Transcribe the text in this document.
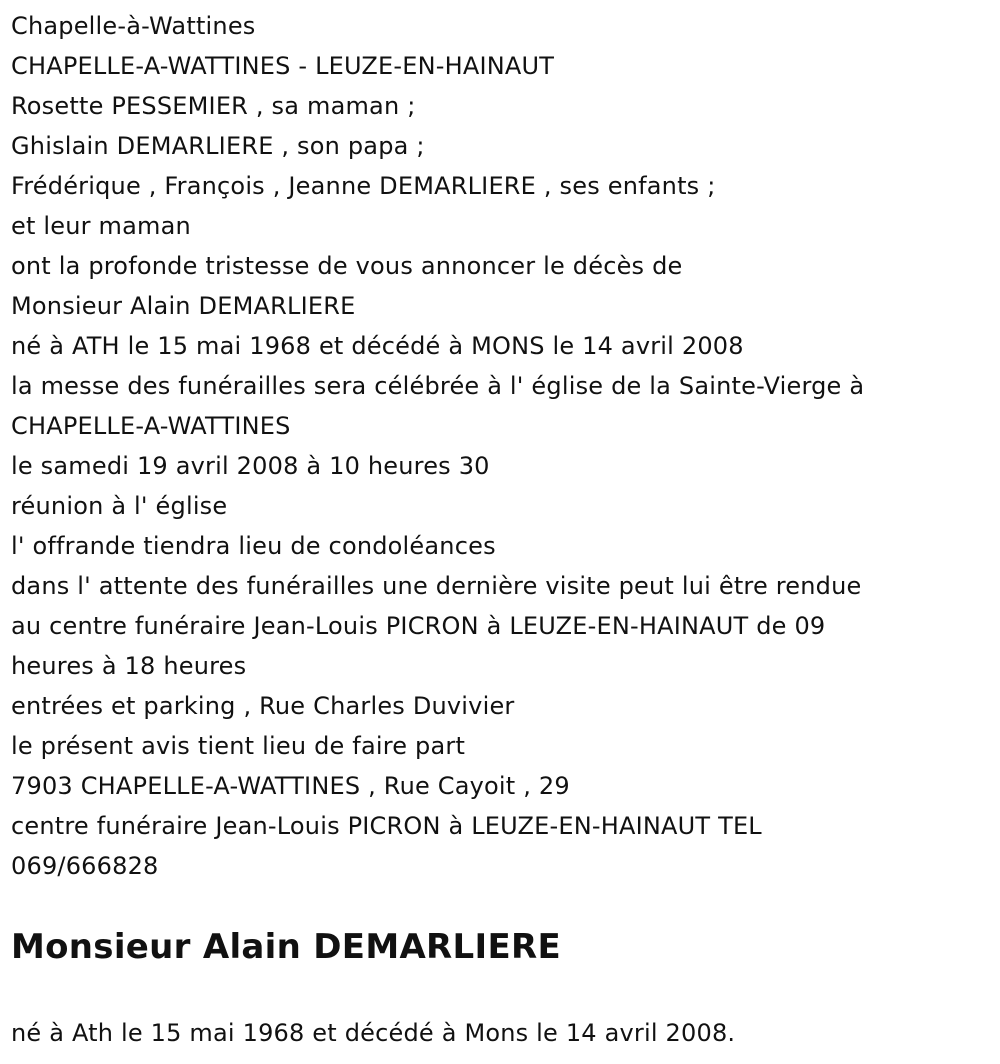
Chapelle-à-Wattines
CHAPELLE-A-WATTINES - LEUZE-EN-HAINAUT
Rosette PESSEMIER , sa maman ;
Ghislain DEMARLIERE , son papa ;
Frédérique , François , Jeanne DEMARLIERE , ses enfants ;
et leur maman
ont la profonde tristesse de vous annoncer le décès de
Monsieur Alain DEMARLIERE
né à ATH le 15 mai 1968 et décédé à MONS le 14 avril 2008
la messe des funérailles sera célébrée à l' église de la Sainte-Vierge à
CHAPELLE-A-WATTINES
le samedi 19 avril 2008 à 10 heures 30
réunion à l' église
l' offrande tiendra lieu de condoléances
dans l' attente des funérailles une dernière visite peut lui être rendue
au centre funéraire Jean-Louis PICRON à LEUZE-EN-HAINAUT de 09
heures à 18 heures
entrées et parking , Rue Charles Duvivier
le présent avis tient lieu de faire part
7903 CHAPELLE-A-WATTINES , Rue Cayoit , 29
centre funéraire Jean-Louis PICRON à LEUZE-EN-HAINAUT TEL
069/666828
Monsieur Alain DEMARLIERE
né à Ath le 15 mai 1968 et décédé à Mons le 14 avril 2008.
